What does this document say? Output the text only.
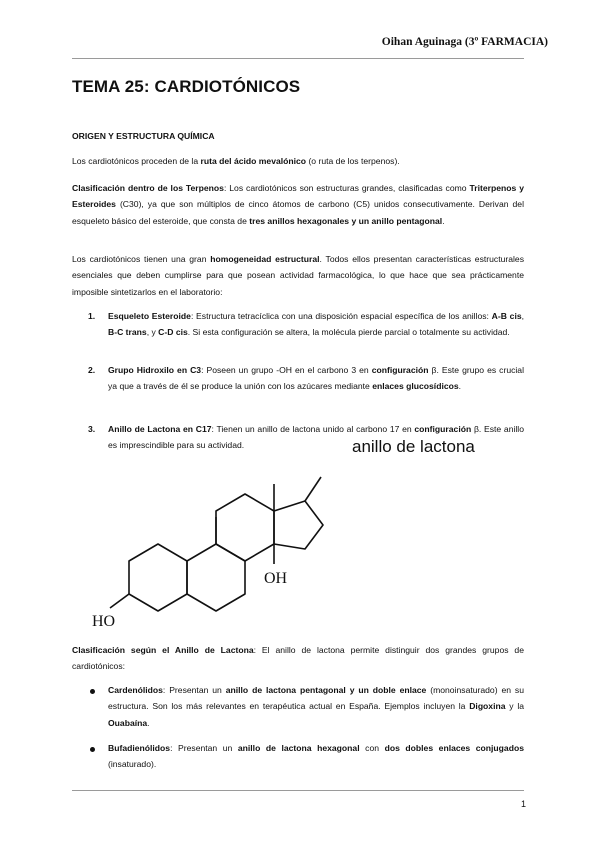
Oihan Aguinaga (3º FARMACIA)
TEMA 25: CARDIOTÓNICOS
ORIGEN Y ESTRUCTURA QUÍMICA

Los cardiotónicos proceden de la ruta del ácido mevalónico (o ruta de los terpenos).

Clasificación dentro de los Terpenos: Los cardiotónicos son estructuras grandes, clasificadas como Triterpenos y Esteroides (C30), ya que son múltiplos de cinco átomos de carbono (C5) unidos consecutivamente. Derivan del esqueleto básico del esteroide, que consta de tres anillos hexagonales y un anillo pentagonal.

Los cardiotónicos tienen una gran homogeneidad estructural. Todos ellos presentan características estructurales esenciales que deben cumplirse para que posean actividad farmacológica, lo que hace que sea prácticamente imposible sintetizarlos en el laboratorio:

1. Esqueleto Esteroide: Estructura tetracíclica con una disposición espacial específica de los anillos: A-B cis, B-C trans, y C-D cis. Si esta configuración se altera, la molécula pierde parcial o totalmente su actividad.

2. Grupo Hidroxilo en C3: Poseen un grupo -OH en el carbono 3 en configuración β. Este grupo es crucial ya que a través de él se produce la unión con los azúcares mediante enlaces glucosídicos.

3. Anillo de Lactona en C17: Tienen un anillo de lactona unido al carbono 17 en configuración β. Este anillo es imprescindible para su actividad.	anillo de lactona
OH
HO

Clasificación según el Anillo de Lactona: El anillo de lactona permite distinguir dos grandes grupos de cardiotónicos:

Cardenólidos: Presentan un anillo de lactona pentagonal y un doble enlace (monoinsaturado) en su estructura. Son los más relevantes en terapéutica actual en España. Ejemplos incluyen la Digoxina y la Ouabaína.

Bufadienólidos: Presentan un anillo de lactona hexagonal con dos dobles enlaces conjugados (insaturado).

1
